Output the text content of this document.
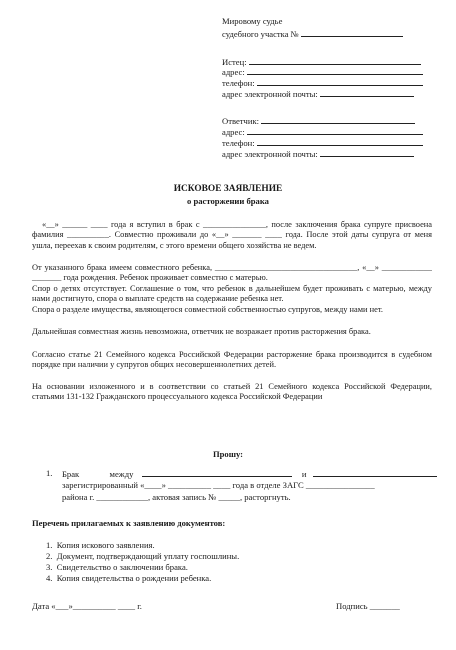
Мировому судье
судебного участка №
Истец:
адрес:
телефон:
адрес электронной почты:
Ответчик:
адрес:
телефон:
адрес электронной почты:
ИСКОВОЕ ЗАЯВЛЕНИЕ
о расторжении брака
«__» ______ ____ года я вступил в брак с _______________, после заключения брака супруге присвоена фамилия __________. Совместно проживали до «__» _______ ____ года. После этой даты супруга от меня ушла, переехав к своим родителям, с этого времени общего хозяйства не ведем.
От указанного брака имеем совместного ребенка, __________________________________, «__» ____________ _______ года рождения. Ребенок проживает совместно с матерью.
Спор о детях отсутствует. Соглашение о том, что ребенок в дальнейшем будет проживать с матерью, между нами достигнуто, спора о выплате средств на содержание ребенка нет.
Спора о разделе имущества, являющегося совместной собственностью супругов, между нами нет.
Дальнейшая совместная жизнь невозможна, ответчик не возражает против расторжения брака.
Согласно статье 21 Семейного кодекса Российской Федерации расторжение брака производится в судебном порядке при наличии у супругов общих несовершеннолетних детей.
На основании изложенного и в соответствии со статьей 21 Семейного кодекса Российской Федерации, статьями 131-132 Гражданского процессуального кодекса Российской Федерации
Прошу:
1. Брак	между	и
зарегистрированный «____» __________ ____ года в отделе ЗАГС ________________
района г. ____________, актовая запись № _____, расторгнуть.
Перечень прилагаемых к заявлению документов:
1. Копия искового заявления.
2. Документ, подтверждающий уплату госпошлины.
3. Свидетельство о заключении брака.
4. Копия свидетельства о рождении ребенка.
Дата «___»__________ ____ г.	Подпись _______
